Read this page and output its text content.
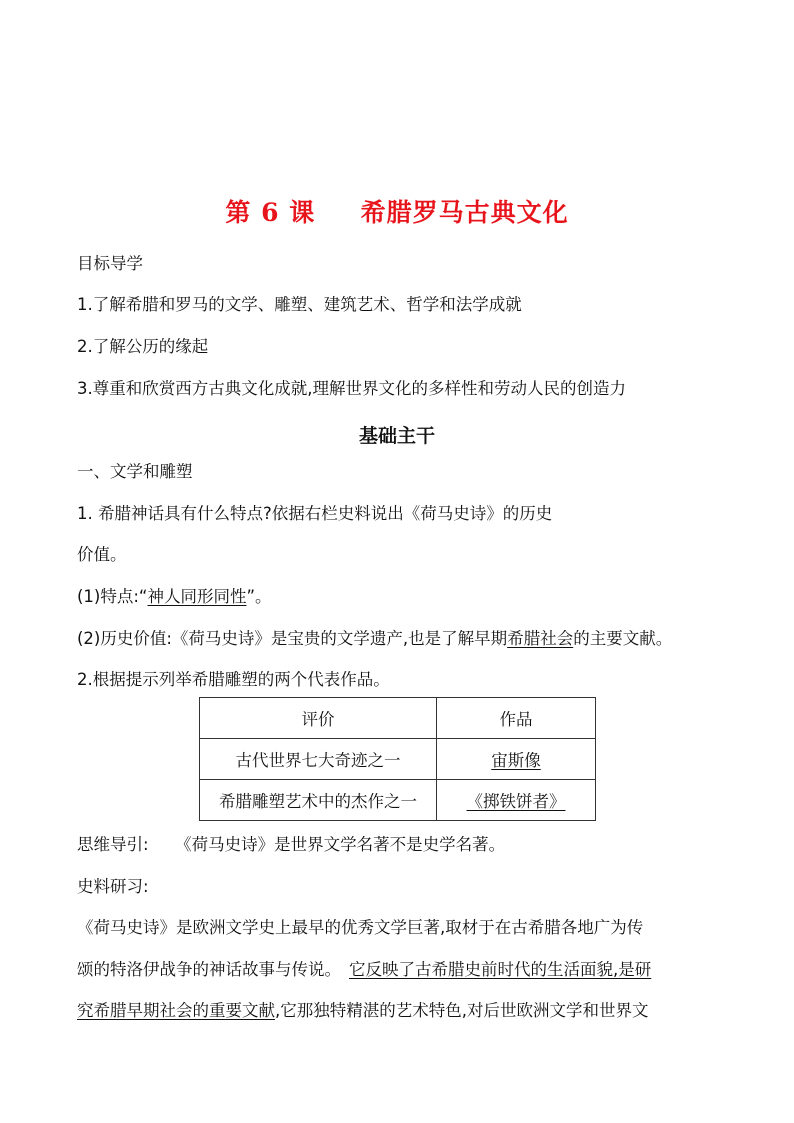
第 6 课 希腊罗马古典文化
目标导学
1.了解希腊和罗马的文学、雕塑、建筑艺术、哲学和法学成就
2.了解公历的缘起
3.尊重和欣赏西方古典文化成就,理解世界文化的多样性和劳动人民的创造力
基础主干
一、文学和雕塑
1. 希腊神话具有什么特点?依据右栏史料说出《荷马史诗》的历史
价值。
(1)特点:“神人同形同性”。
(2)历史价值:《荷马史诗》是宝贵的文学遗产,也是了解早期希腊社会的主要文献。
2.根据提示列举希腊雕塑的两个代表作品。
评价	作品
古代世界七大奇迹之一	宙斯像
希腊雕塑艺术中的杰作之一	《掷铁饼者》
思维导引: 《荷马史诗》是世界文学名著不是史学名著。
史料研习:
《荷马史诗》是欧洲文学史上最早的优秀文学巨著,取材于在古希腊各地广为传
颂的特洛伊战争的神话故事与传说。 它反映了古希腊史前时代的生活面貌,是研
究希腊早期社会的重要文献,它那独特精湛的艺术特色,对后世欧洲文学和世界文
